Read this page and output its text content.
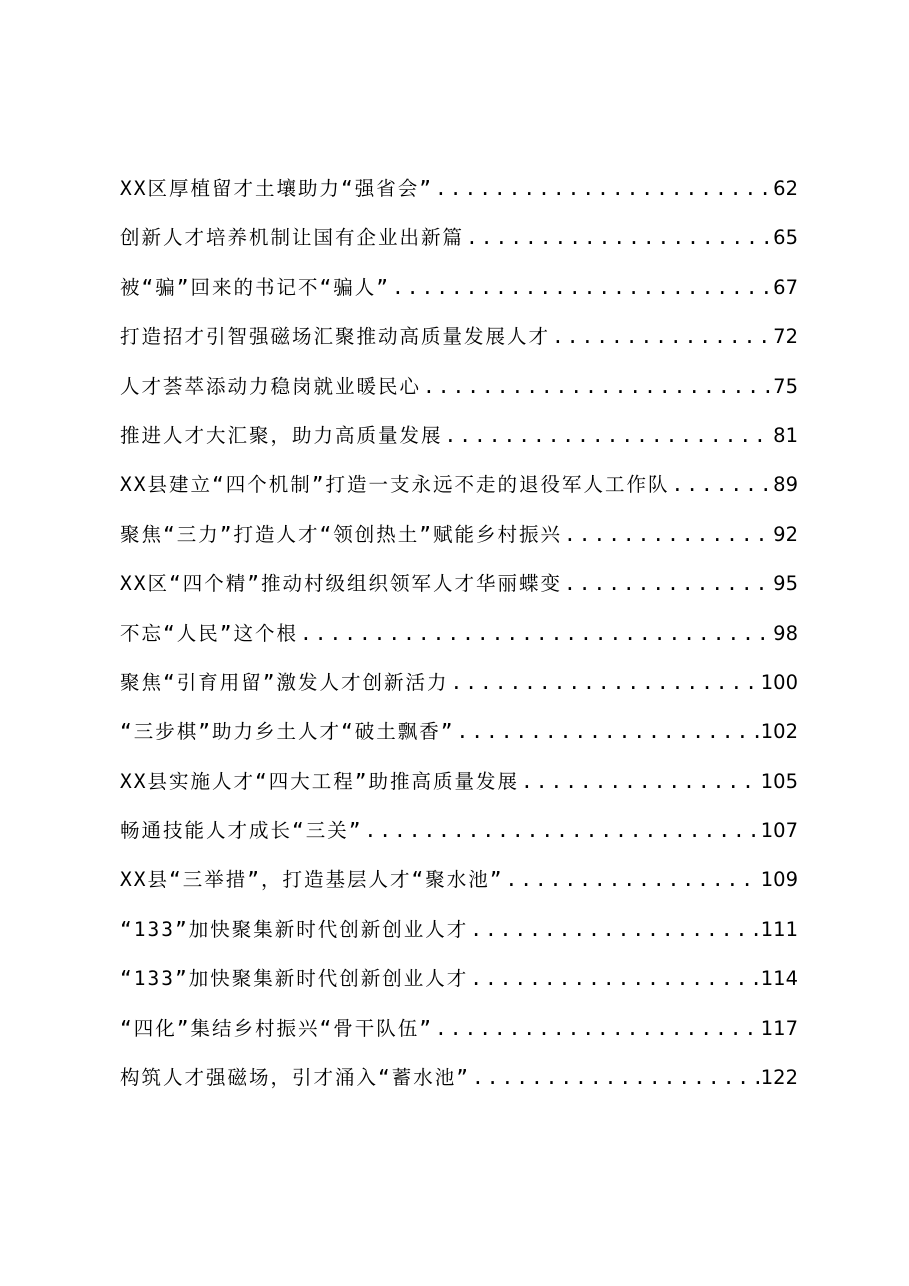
XX区厚植留才土壤助力“强省会” .....	62
创新人才培养机制让国有企业出新篇 .....	65
被“骗”回来的书记不“骗人” .....	67
打造招才引智强磁场汇聚推动高质量发展人才 .....	72
人才荟萃添动力稳岗就业暖民心 .....	75
推进人才大汇聚，助力高质量发展 .....	81
XX县建立“四个机制”打造一支永远不走的退役军人工作队 .....	89
聚焦“三力”打造人才“领创热土”赋能乡村振兴 .....	92
XX区“四个精”推动村级组织领军人才华丽蝶变 .....	95
不忘“人民”这个根 .....	98
聚焦“引育用留”激发人才创新活力 .....	100
“三步棋”助力乡土人才“破土飘香” .....	102
XX县实施人才“四大工程”助推高质量发展 .....	105
畅通技能人才成长“三关” .....	107
XX县“三举措”，打造基层人才“聚水池” .....	109
“133”加快聚集新时代创新创业人才 .....	111
“133”加快聚集新时代创新创业人才 .....	114
“四化”集结乡村振兴“骨干队伍” .....	117
构筑人才强磁场，引才涌入“蓄水池” .....	122
